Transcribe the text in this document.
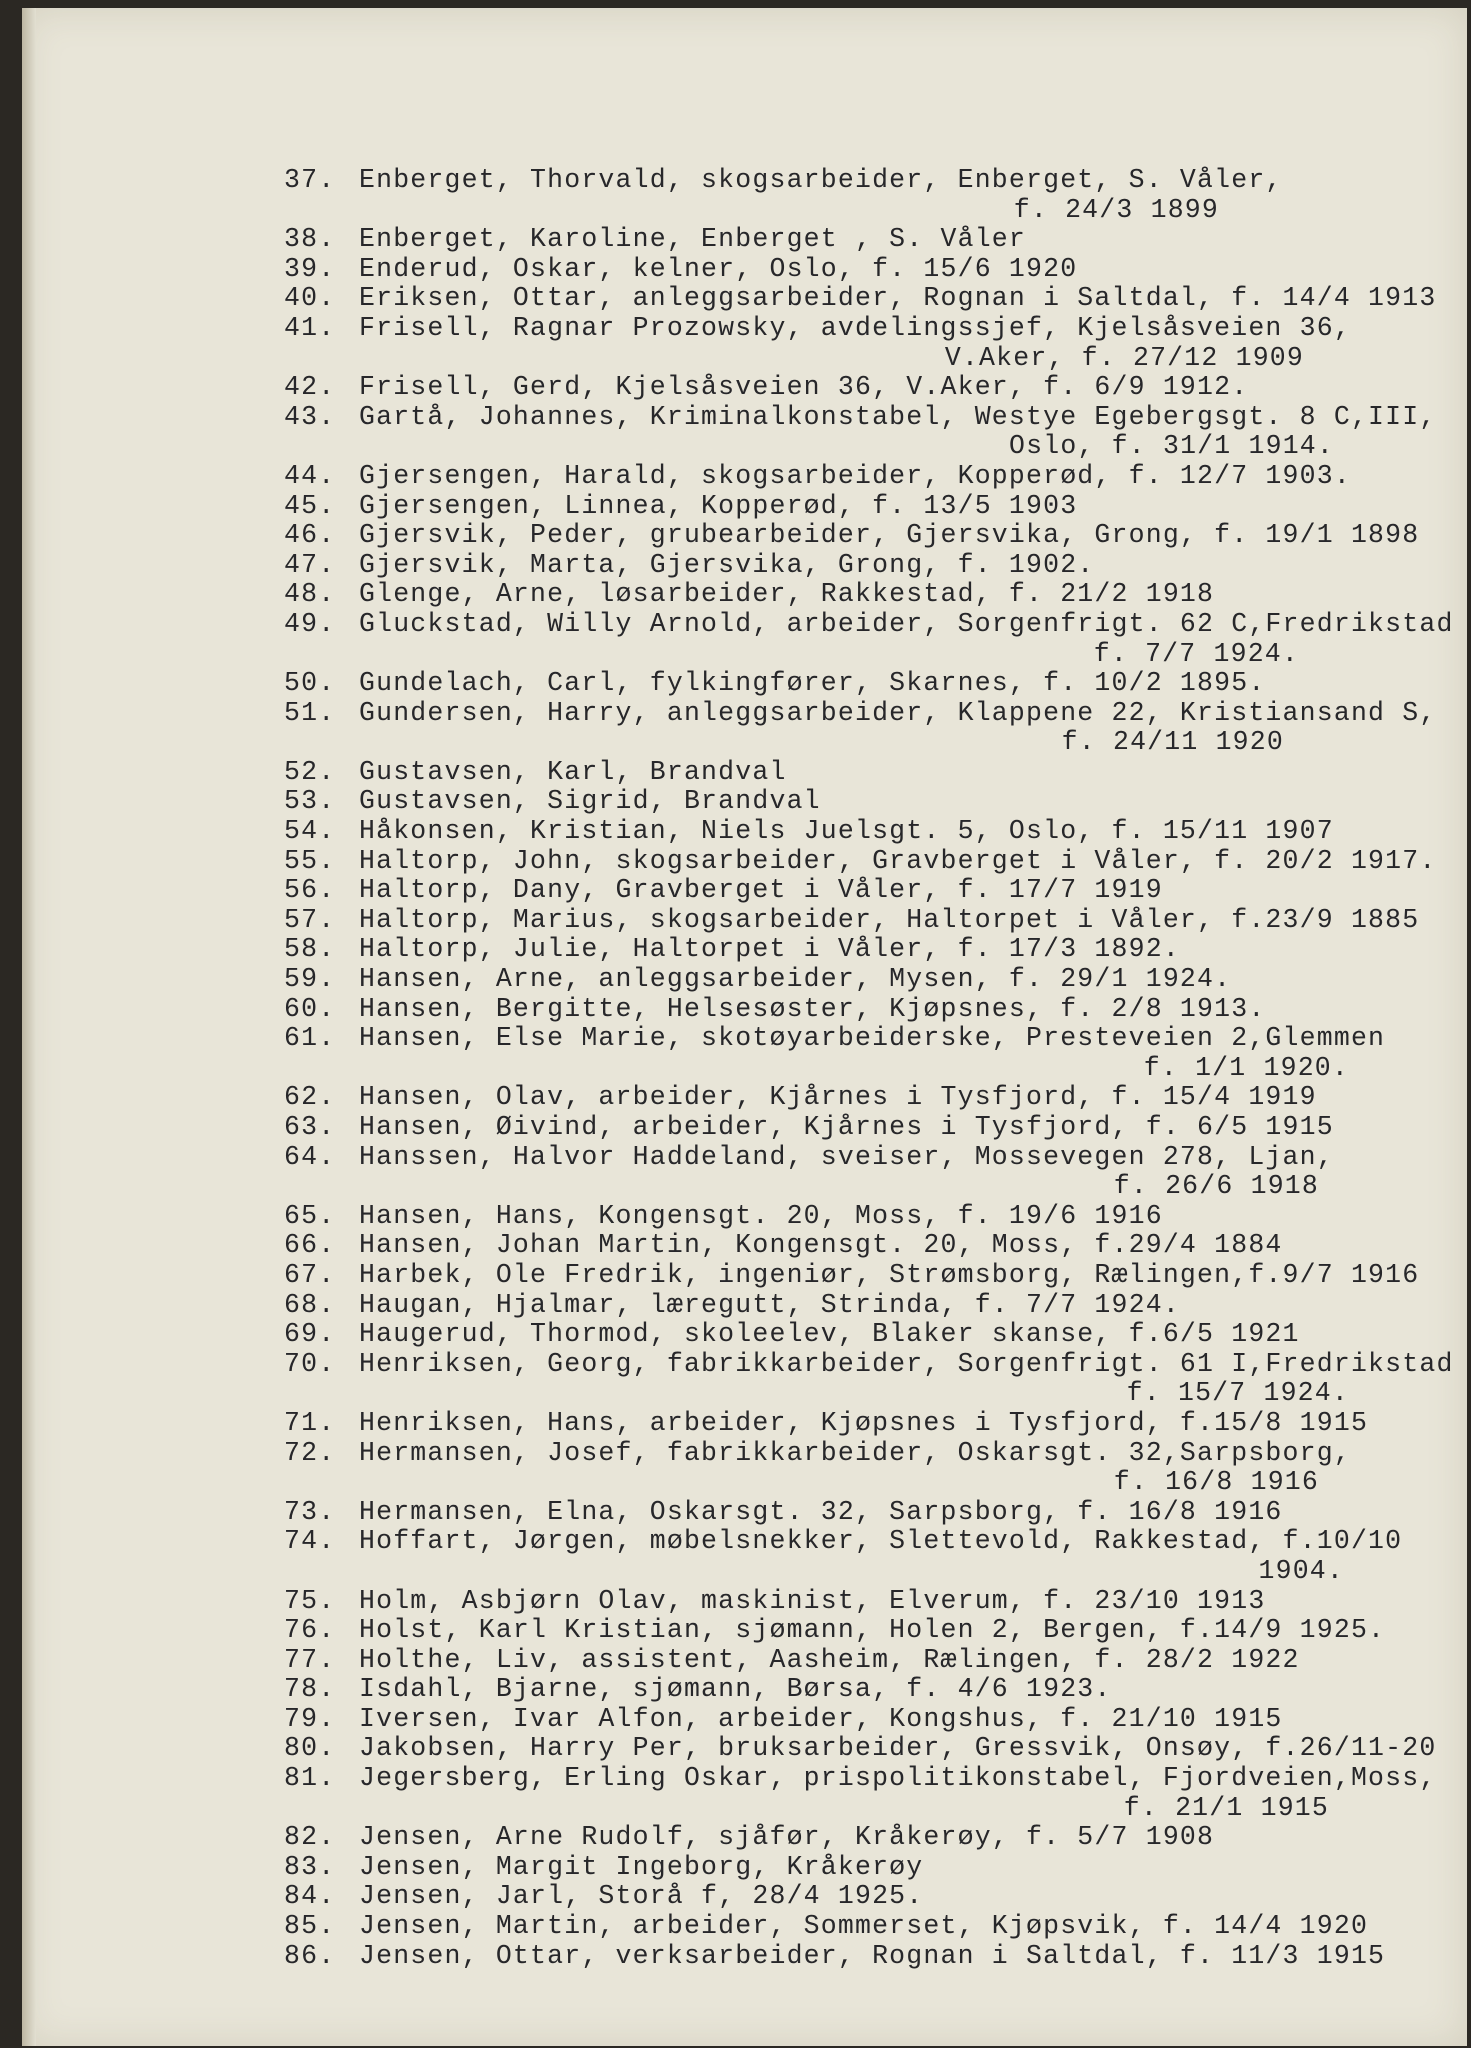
37. Enberget, Thorvald, skogsarbeider, Enberget, S. Våler,
f. 24/3 1899
38. Enberget, Karoline, Enberget , S. Våler
39. Enderud, Oskar, kelner, Oslo, f. 15/6 1920
40. Eriksen, Ottar, anleggsarbeider, Rognan i Saltdal, f. 14/4 1913
41. Frisell, Ragnar Prozowsky, avdelingssjef, Kjelsåsveien 36,
V.Aker, f. 27/12 1909
42. Frisell, Gerd, Kjelsåsveien 36, V.Aker, f. 6/9 1912.
43. Gartå, Johannes, Kriminalkonstabel, Westye Egebergsgt. 8 C,III,
Oslo, f. 31/1 1914.
44. Gjersengen, Harald, skogsarbeider, Kopperød, f. 12/7 1903.
45. Gjersengen, Linnea, Kopperød, f. 13/5 1903
46. Gjersvik, Peder, grubearbeider, Gjersvika, Grong, f. 19/1 1898
47. Gjersvik, Marta, Gjersvika, Grong, f. 1902.
48. Glenge, Arne, løsarbeider, Rakkestad, f. 21/2 1918
49. Gluckstad, Willy Arnold, arbeider, Sorgenfrigt. 62 C,Fredrikstad
f. 7/7 1924.
50. Gundelach, Carl, fylkingfører, Skarnes, f. 10/2 1895.
51. Gundersen, Harry, anleggsarbeider, Klappene 22, Kristiansand S,
f. 24/11 1920
52. Gustavsen, Karl, Brandval
53. Gustavsen, Sigrid, Brandval
54. Håkonsen, Kristian, Niels Juelsgt. 5, Oslo, f. 15/11 1907
55. Haltorp, John, skogsarbeider, Gravberget i Våler, f. 20/2 1917.
56. Haltorp, Dany, Gravberget i Våler, f. 17/7 1919
57. Haltorp, Marius, skogsarbeider, Haltorpet i Våler, f.23/9 1885
58. Haltorp, Julie, Haltorpet i Våler, f. 17/3 1892.
59. Hansen, Arne, anleggsarbeider, Mysen, f. 29/1 1924.
60. Hansen, Bergitte, Helsesøster, Kjøpsnes, f. 2/8 1913.
61. Hansen, Else Marie, skotøyarbeiderske, Presteveien 2,Glemmen
f. 1/1 1920.
62. Hansen, Olav, arbeider, Kjårnes i Tysfjord, f. 15/4 1919
63. Hansen, Øivind, arbeider, Kjårnes i Tysfjord, f. 6/5 1915
64. Hanssen, Halvor Haddeland, sveiser, Mossevegen 278, Ljan,
f. 26/6 1918
65. Hansen, Hans, Kongensgt. 20, Moss, f. 19/6 1916
66. Hansen, Johan Martin, Kongensgt. 20, Moss, f.29/4 1884
67. Harbek, Ole Fredrik, ingeniør, Strømsborg, Rælingen,f.9/7 1916
68. Haugan, Hjalmar, læregutt, Strinda, f. 7/7 1924.
69. Haugerud, Thormod, skoleelev, Blaker skanse, f.6/5 1921
70. Henriksen, Georg, fabrikkarbeider, Sorgenfrigt. 61 I,Fredrikstad
f. 15/7 1924.
71. Henriksen, Hans, arbeider, Kjøpsnes i Tysfjord, f.15/8 1915
72. Hermansen, Josef, fabrikkarbeider, Oskarsgt. 32,Sarpsborg,
f. 16/8 1916
73. Hermansen, Elna, Oskarsgt. 32, Sarpsborg, f. 16/8 1916
74. Hoffart, Jørgen, møbelsnekker, Slettevold, Rakkestad, f.10/10
1904.
75. Holm, Asbjørn Olav, maskinist, Elverum, f. 23/10 1913
76. Holst, Karl Kristian, sjømann, Holen 2, Bergen, f.14/9 1925.
77. Holthe, Liv, assistent, Aasheim, Rælingen, f. 28/2 1922
78. Isdahl, Bjarne, sjømann, Børsa, f. 4/6 1923.
79. Iversen, Ivar Alfon, arbeider, Kongshus, f. 21/10 1915
80. Jakobsen, Harry Per, bruksarbeider, Gressvik, Onsøy, f.26/11-20
81. Jegersberg, Erling Oskar, prispolitikonstabel, Fjordveien,Moss,
f. 21/1 1915
82. Jensen, Arne Rudolf, sjåfør, Kråkerøy, f. 5/7 1908
83. Jensen, Margit Ingeborg, Kråkerøy
84. Jensen, Jarl, Storå f, 28/4 1925.
85. Jensen, Martin, arbeider, Sommerset, Kjøpsvik, f. 14/4 1920
86. Jensen, Ottar, verksarbeider, Rognan i Saltdal, f. 11/3 1915
